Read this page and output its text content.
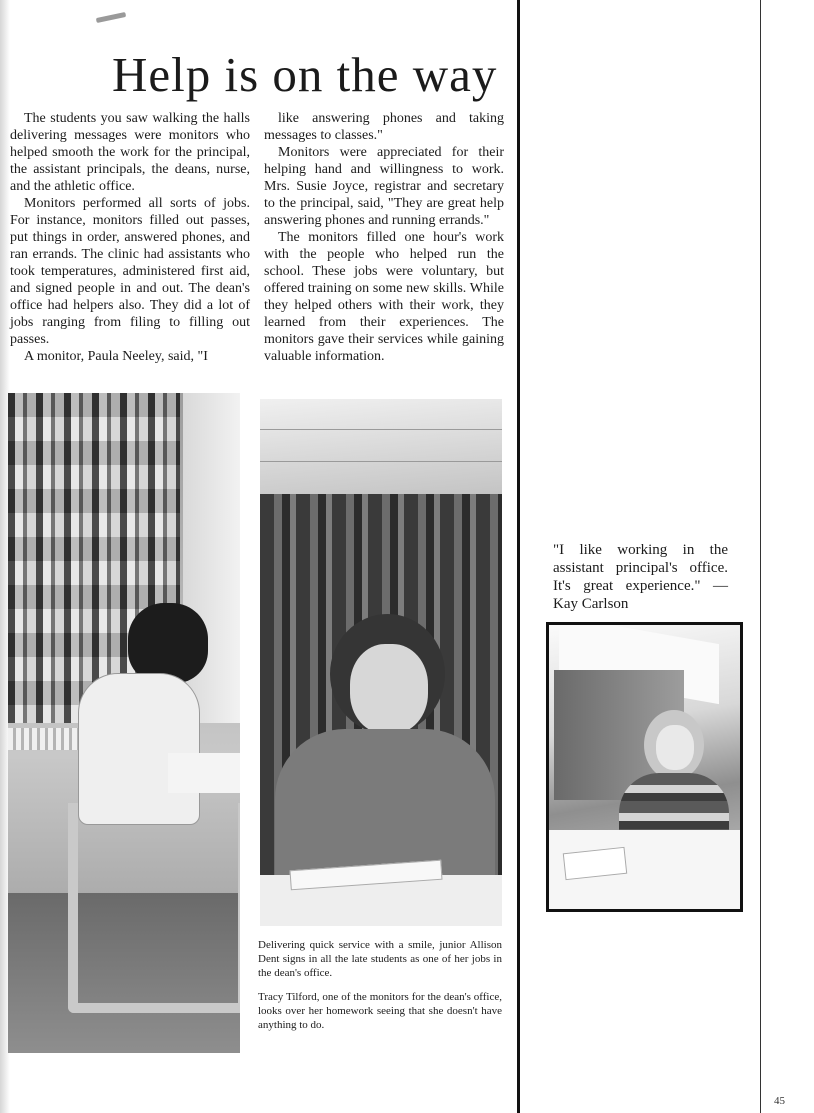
Help is on the way

The students you saw walking the halls delivering messages were monitors who helped smooth the work for the principal, the assistant principals, the deans, nurse, and the athletic office.

Monitors performed all sorts of jobs. For instance, monitors filled out passes, put things in order, answered phones, and ran errands. The clinic had assistants who took temperatures, administered first aid, and signed people in and out. The dean's office had helpers also. They did a lot of jobs ranging from filing to filling out passes.

A monitor, Paula Neeley, said, "I

like answering phones and taking messages to classes."

Monitors were appreciated for their helping hand and willingness to work. Mrs. Susie Joyce, registrar and secretary to the principal, said, "They are great help answering phones and running errands."

The monitors filled one hour's work with the people who helped run the school. These jobs were voluntary, but offered training on some new skills. While they helped others with their work, they learned from their experiences. The monitors gave their services while gaining valuable information.

Delivering quick service with a smile, junior Allison Dent signs in all the late students as one of her jobs in the dean's office.

Tracy Tilford, one of the monitors for the dean's office, looks over her homework seeing that she doesn't have anything to do.

"I like working in the assistant principal's office. It's great experience." — Kay Carlson
45
